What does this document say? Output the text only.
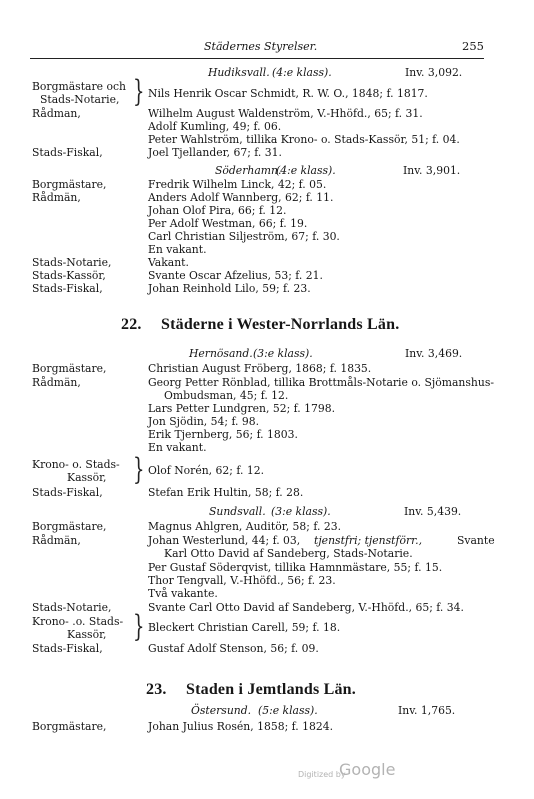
Städernes Styrelser.	255
Hudiksvall. (4:e klass).	Inv. 3,092.
Borgmästare och
Stads-Notarie, } Nils Henrik Oscar Schmidt, R. W. O., 1848; f. 1817.
Rådman,	Wilhelm August Waldenström, V.-Hhöfd., 65; f. 31.
Adolf Kumling, 49; f. 06.
Peter Wahlström, tillika Krono- o. Stads-Kassör, 51; f. 04.
Stads-Fiskal,	Joel Tjellander, 67; f. 31.
Söderhamn.
(4:e klass).	Inv. 3,901.
Borgmästare,	Fredrik Wilhelm Linck, 42; f. 05.
Rådmän,	Anders Adolf Wannberg, 62; f. 11.
Johan Olof Pira, 66; f. 12.
Per Adolf Westman, 66; f. 19.
Carl Christian Siljeström, 67; f. 30.
En vakant.
Stads-Notarie,	Vakant.
Stads-Kassör,	Svante Oscar Afzelius, 53; f. 21.
Stads-Fiskal,	Johan Reinhold Lilo, 59; f. 23.
22. Städerne i Wester-Norrlands Län.
Hernösand. (3:e klass).	Inv. 3,469.
Borgmästare,	Christian August Fröberg, 1868; f. 1835.
Rådmän,	Georg Petter Rönblad, tillika Brottmåls-Notarie o. Sjömanshus-
Ombudsman, 45; f. 12.
Lars Petter Lundgren, 52; f. 1798.
Jon Sjödin, 54; f. 98.
Erik Tjernberg, 56; f. 1803.
En vakant.
Krono- o. Stads-
Kassör, } Olof Norén, 62; f. 12.
Stads-Fiskal,	Stefan Erik Hultin, 58; f. 28.
Sundsvall. (3:e klass).	Inv. 5,439.
Borgmästare,	Magnus Ahlgren, Auditör, 58; f. 23.
Rådmän,	Johan Westerlund, 44; f. 03, tjenstfri; tjenstförr.,	Svante
Karl Otto David af Sandeberg, Stads-Notarie.
Per Gustaf Söderqvist, tillika Hamnmästare, 55; f. 15.
Thor Tengvall, V.-Hhöfd., 56; f. 23.
Två vakante.
Stads-Notarie,	Svante Carl Otto David af Sandeberg, V.-Hhöfd., 65; f. 34.
Krono- .o. Stads-
Kassör, } Bleckert Christian Carell, 59; f. 18.
Stads-Fiskal,	Gustaf Adolf Stenson, 56; f. 09.
23. Staden i Jemtlands Län.
Östersund. (5:e klass).	Inv. 1,765.
Borgmästare,	Johan Julius Rosén, 1858; f. 1824.
Digitized by
Google
